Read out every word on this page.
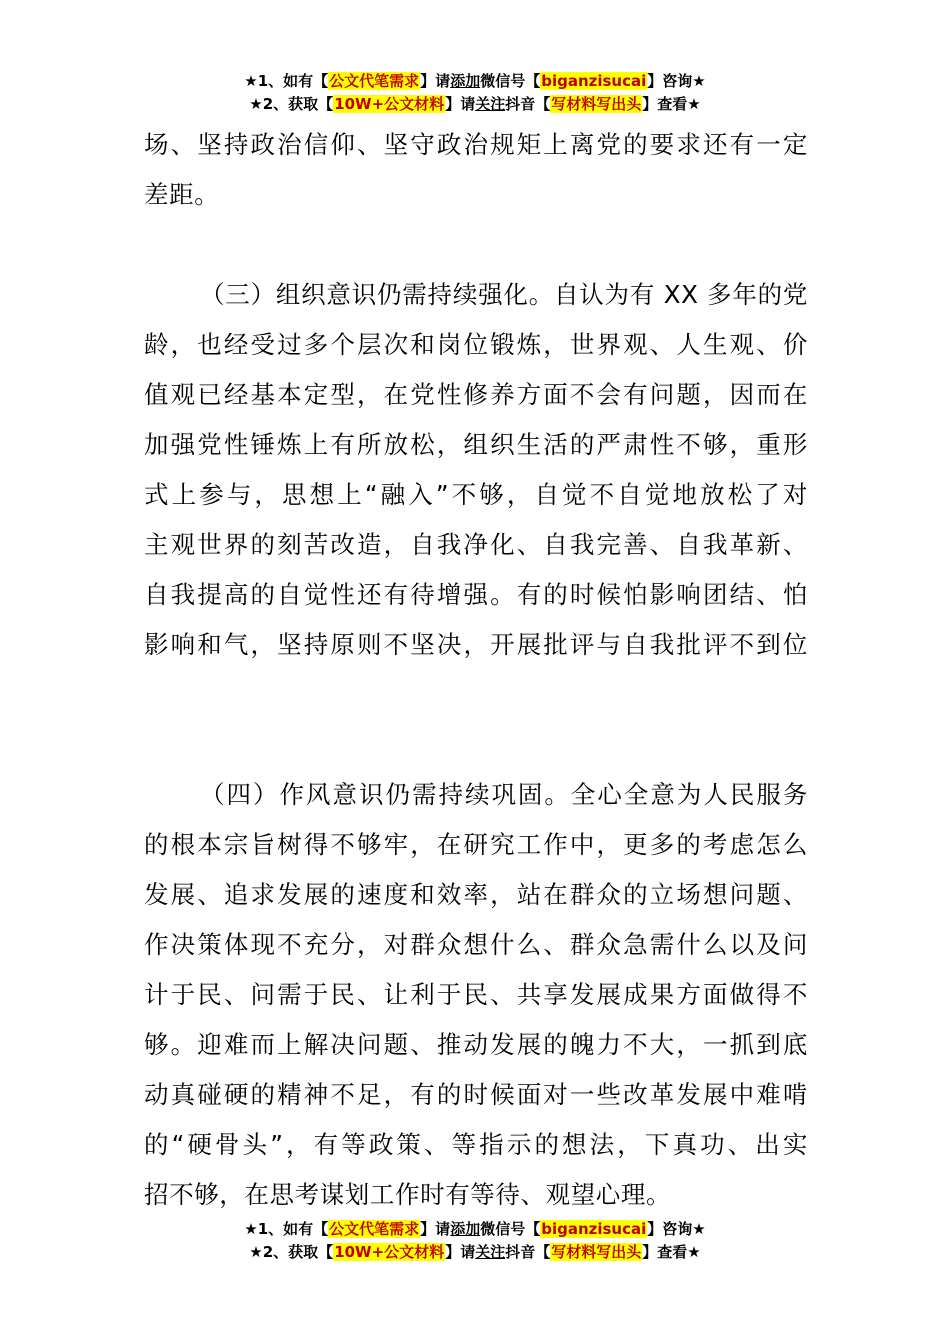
★1、如有【公文代笔需求】请添加微信号【biganzisucai】咨询★
★2、获取【10W+公文材料】请关注抖音【写材料写出头】查看★
场、坚持政治信仰、坚守政治规矩上离党的要求还有一定
差距。
（三）组织意识仍需持续强化。自认为有 XX 多年的党
龄，也经受过多个层次和岗位锻炼，世界观、人生观、价
值观已经基本定型，在党性修养方面不会有问题，因而在
加强党性锤炼上有所放松，组织生活的严肃性不够，重形
式上参与，思想上“融入”不够，自觉不自觉地放松了对
主观世界的刻苦改造，自我净化、自我完善、自我革新、
自我提高的自觉性还有待增强。有的时候怕影响团结、怕
影响和气，坚持原则不坚决，开展批评与自我批评不到位
（四）作风意识仍需持续巩固。全心全意为人民服务
的根本宗旨树得不够牢，在研究工作中，更多的考虑怎么
发展、追求发展的速度和效率，站在群众的立场想问题、
作决策体现不充分，对群众想什么、群众急需什么以及问
计于民、问需于民、让利于民、共享发展成果方面做得不
够。迎难而上解决问题、推动发展的魄力不大，一抓到底
动真碰硬的精神不足，有的时候面对一些改革发展中难啃
的“硬骨头”，有等政策、等指示的想法，下真功、出实
招不够，在思考谋划工作时有等待、观望心理。
★1、如有【公文代笔需求】请添加微信号【biganzisucai】咨询★
★2、获取【10W+公文材料】请关注抖音【写材料写出头】查看★
